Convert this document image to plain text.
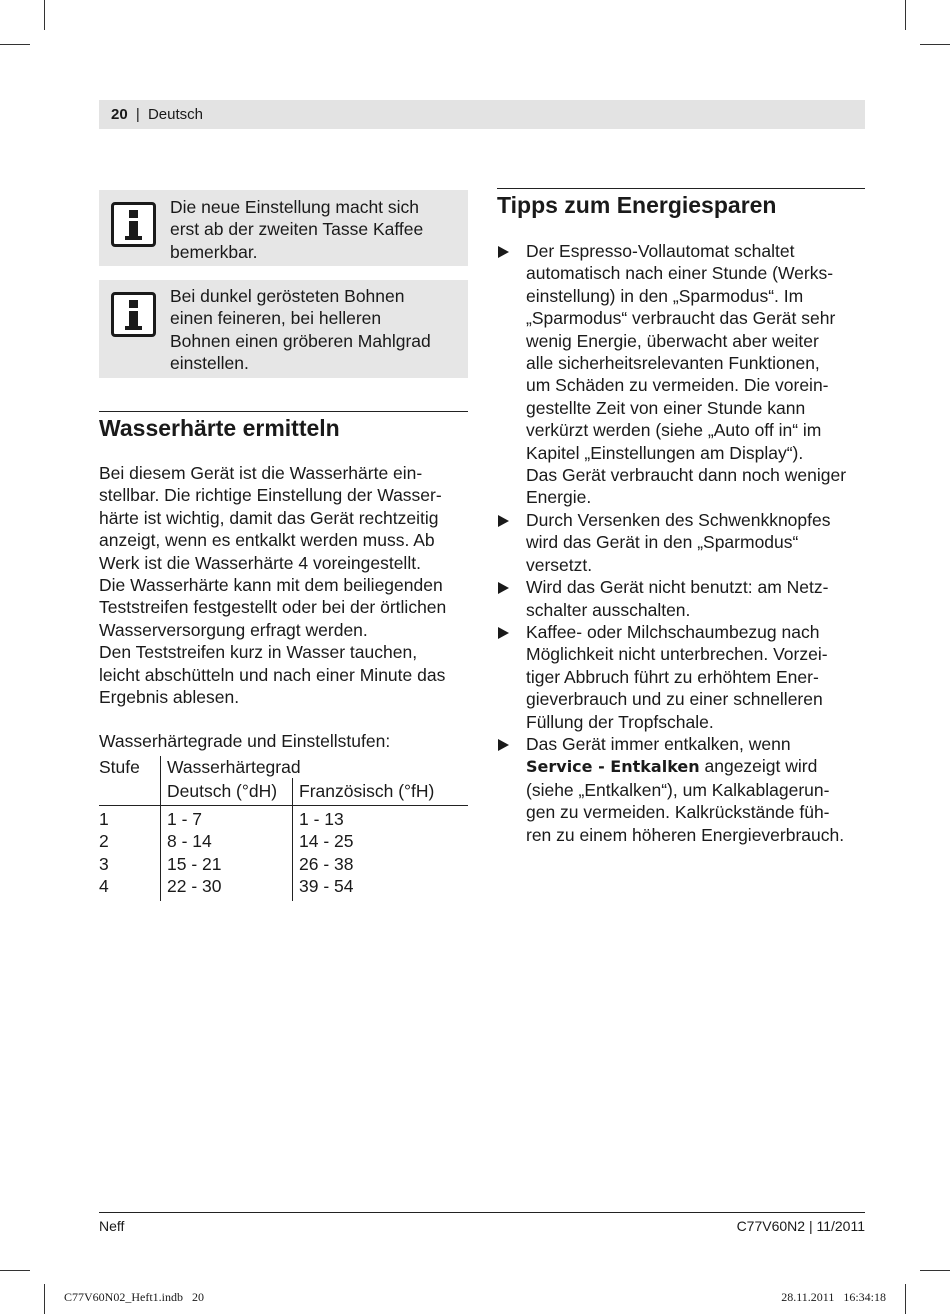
20 | Deutsch
Die neue Einstellung macht sich
erst ab der zweiten Tasse Kaffee
bemerkbar.
Bei dunkel gerösteten Bohnen
einen feineren, bei helleren
Bohnen einen gröberen Mahlgrad
einstellen.
Wasserhärte ermitteln
Bei diesem Gerät ist die Wasserhärte ein-
stellbar. Die richtige Einstellung der Wasser-
härte ist wichtig, damit das Gerät rechtzeitig
anzeigt, wenn es entkalkt werden muss. Ab
Werk ist die Wasserhärte 4 voreingestellt.
Die Wasserhärte kann mit dem beiliegenden
Teststreifen festgestellt oder bei der örtlichen
Wasserversorgung erfragt werden.
Den Teststreifen kurz in Wasser tauchen,
leicht abschütteln und nach einer Minute das
Ergebnis ablesen.
Wasserhärtegrade und Einstellstufen:
Stufe	Wasserhärtegrad	
	Deutsch (°dH)	Französisch (°fH)
1	1 - 7	1 - 13
2	8 - 14	14 - 25
3	15 - 21	26 - 38
4	22 - 30	39 - 54
Tipps zum Energiesparen
Der Espresso-Vollautomat schaltet
automatisch nach einer Stunde (Werks-
einstellung) in den „Sparmodus“. Im
„Sparmodus“ verbraucht das Gerät sehr
wenig Energie, überwacht aber weiter
alle sicherheitsrelevanten Funktionen,
um Schäden zu vermeiden. Die vorein-
gestellte Zeit von einer Stunde kann
verkürzt werden (siehe „Auto off in“ im
Kapitel „Einstellungen am Display“).
Das Gerät verbraucht dann noch weniger
Energie.
Durch Versenken des Schwenkknopfes
wird das Gerät in den „Sparmodus“
versetzt.
Wird das Gerät nicht benutzt: am Netz-
schalter ausschalten.
Kaffee- oder Milchschaumbezug nach
Möglichkeit nicht unterbrechen. Vorzei-
tiger Abbruch führt zu erhöhtem Ener-
gieverbrauch und zu einer schnelleren
Füllung der Tropfschale.
Das Gerät immer entkalken, wenn
Service - Entkalken angezeigt wird
(siehe „Entkalken“), um Kalkablagerun-
gen zu vermeiden. Kalkrückstände füh-
ren zu einem höheren Energieverbrauch.
Neff	C77V60N2 | 11/2011
C77V60N02_Heft1.indb   20	28.11.2011   16:34:18
